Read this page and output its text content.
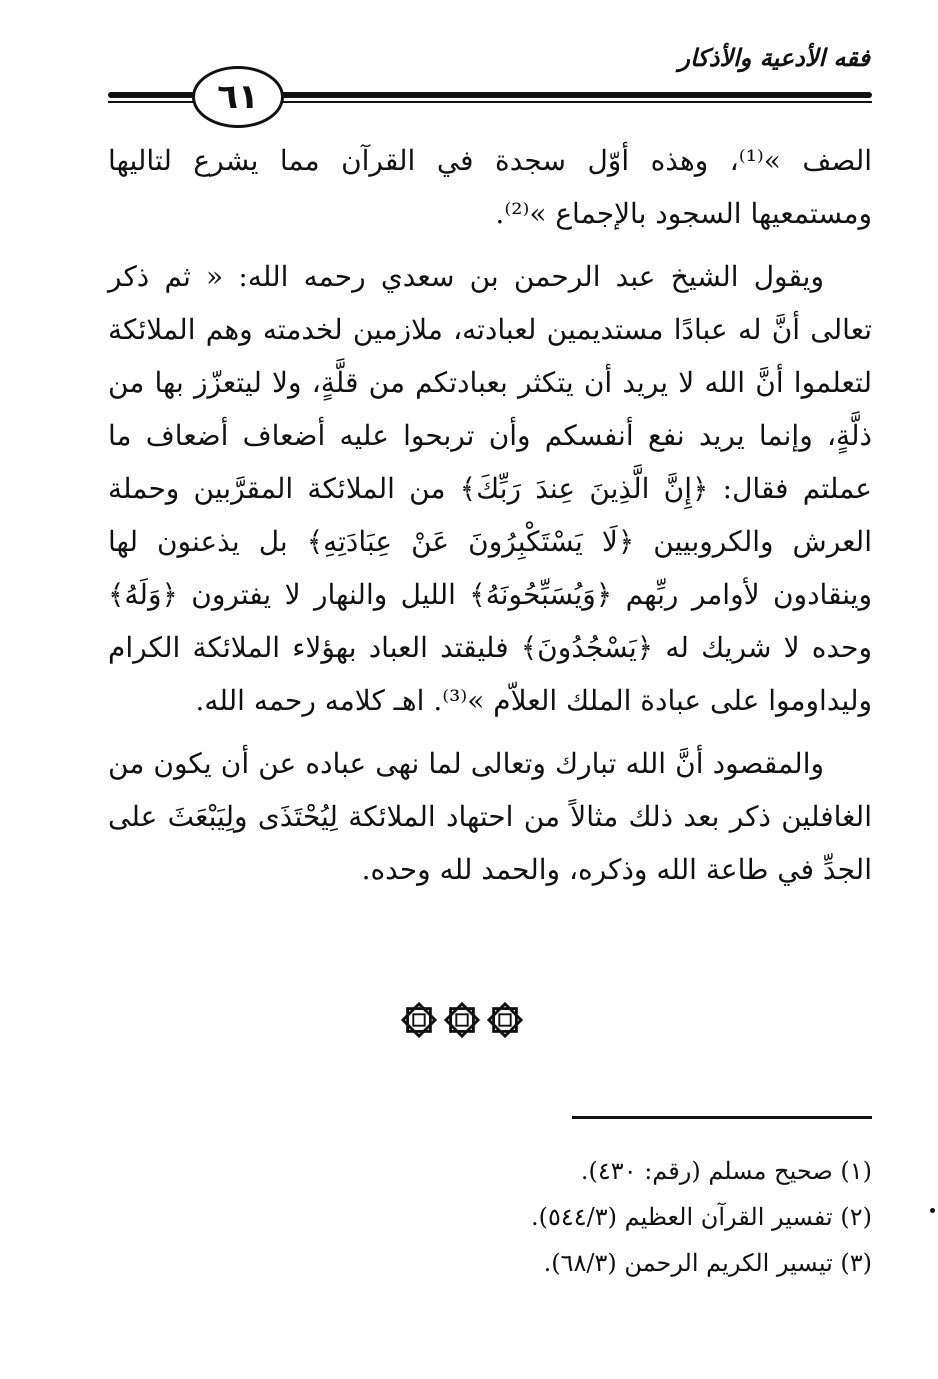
فقه الأدعية والأذكار
٦١

الصف »⁽¹⁾، وهذه أوّل سجدة في القرآن مما يشرع لتاليها ومستمعيها السجود بالإجماع »⁽²⁾.

ويقول الشيخ عبد الرحمن بن سعدي رحمه الله: « ثم ذكر تعالى أنَّ له عبادًا مستديمين لعبادته، ملازمين لخدمته وهم الملائكة لتعلموا أنَّ الله لا يريد أن يتكثر بعبادتكم من قلَّةٍ، ولا ليتعزّز بها من ذلَّةٍ، وإنما يريد نفع أنفسكم وأن تربحوا عليه أضعاف أضعاف ما عملتم فقال: ﴿إِنَّ الَّذِينَ عِندَ رَبِّكَ﴾ من الملائكة المقرَّبين وحملة العرش والكروبيين ﴿لَا يَسْتَكْبِرُونَ عَنْ عِبَادَتِهِ﴾ بل يذعنون لها وينقادون لأوامر ربِّهم ﴿وَيُسَبِّحُونَهُ﴾ الليل والنهار لا يفترون ﴿وَلَهُ﴾ وحده لا شريك له ﴿يَسْجُدُونَ﴾ فليقتد العباد بهؤلاء الملائكة الكرام وليداوموا على عبادة الملك العلاّم »⁽³⁾. اهـ كلامه رحمه الله.

والمقصود أنَّ الله تبارك وتعالى لما نهى عباده عن أن يكون من الغافلين ذكر بعد ذلك مثالاً من احتهاد الملائكة لِيُحْتَذَى ولِيَبْعَثَ على الجدِّ في طاعة الله وذكره، والحمد لله وحده.

(١) صحيح مسلم (رقم: ٤٣٠).

(٢) تفسير القرآن العظيم (٥٤٤/٣).

(٣) تيسير الكريم الرحمن (٦٨/٣).
